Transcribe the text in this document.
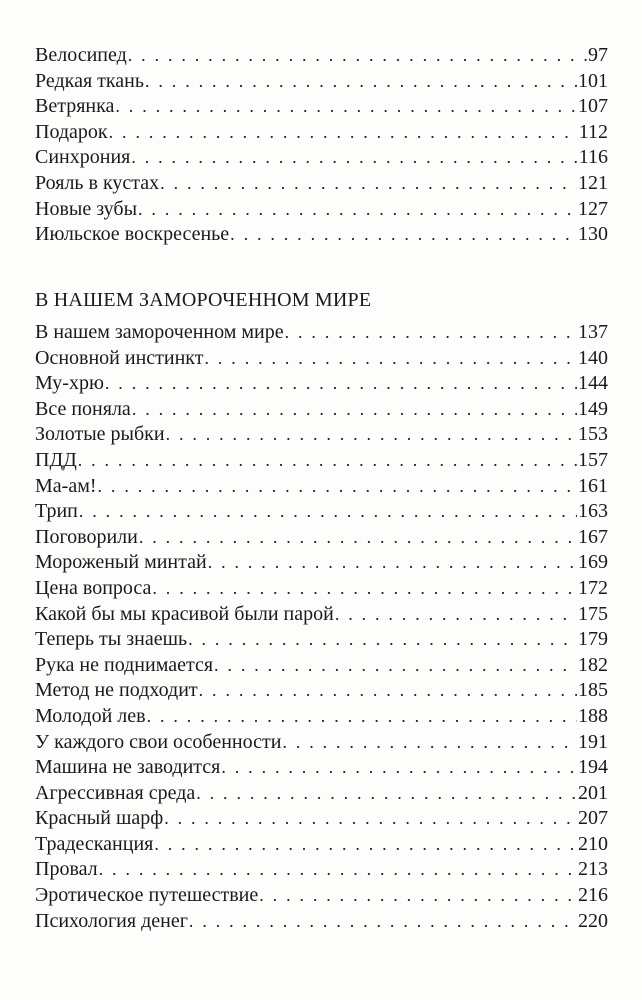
Велосипед . . .	97
Редкая ткань . . .	101
Ветрянка . . .	107
Подарок . . .	112
Синхрония . . .	116
Рояль в кустах . . .	121
Новые зубы . . .	127
Июльское воскресенье . . .	130
В НАШЕМ ЗАМОРОЧЕННОМ МИРЕ
В нашем замороченном мире . . .	137
Основной инстинкт . . .	140
Му-хрю . . .	144
Все поняла . . .	149
Золотые рыбки . . .	153
ПДД . . .	157
Ма-ам! . . .	161
Трип . . .	163
Поговорили . . .	167
Мороженый минтай . . .	169
Цена вопроса . . .	172
Какой бы мы красивой были парой . . .	175
Теперь ты знаешь . . .	179
Рука не поднимается . . .	182
Метод не подходит . . .	185
Молодой лев . . .	188
У каждого свои особенности . . .	191
Машина не заводится . . .	194
Агрессивная среда . . .	201
Красный шарф . . .	207
Традесканция . . .	210
Провал . . .	213
Эротическое путешествие . . .	216
Психология денег . . .	220
